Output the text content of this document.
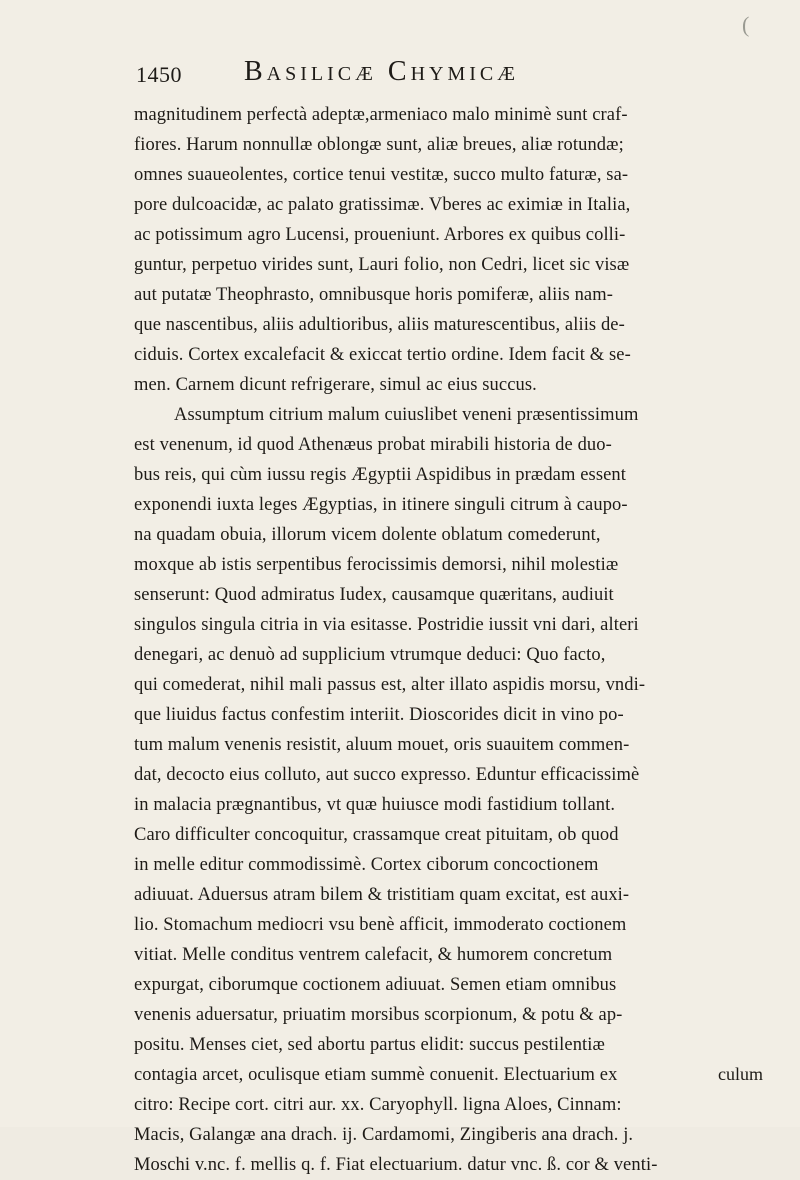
(
1450 Basilicæ Chymicæ
magnitudinem perfectà adeptæ,armeniaco malo minimè sunt craf-
fiores. Harum nonnullæ oblongæ sunt, aliæ breues, aliæ rotundæ;
omnes suaueolentes, cortice tenui vestitæ, succo multo faturæ, sa-
pore dulcoacidæ, ac palato gratissimæ. Vberes ac eximiæ in Italia,
ac potissimum agro Lucensi, proueniunt. Arbores ex quibus colli-
guntur, perpetuo virides sunt, Lauri folio, non Cedri, licet sic visæ
aut putatæ Theophrasto, omnibusque horis pomiferæ, aliis nam-
que nascentibus, aliis adultioribus, aliis maturescentibus, aliis de-
ciduis. Cortex excalefacit & exiccat tertio ordine. Idem facit & se-
men. Carnem dicunt refrigerare, simul ac eius succus.
Assumptum citrium malum cuiuslibet veneni præsentissimum
est venenum, id quod Athenæus probat mirabili historia de duo-
bus reis, qui cùm iussu regis Ægyptii Aspidibus in prædam essent
exponendi iuxta leges Ægyptias, in itinere singuli citrum à caupo-
na quadam obuia, illorum vicem dolente oblatum comederunt,
moxque ab istis serpentibus ferocissimis demorsi, nihil molestiæ
senserunt: Quod admiratus Iudex, causamque quæritans, audiuit
singulos singula citria in via esitasse. Postridie iussit vni dari, alteri
denegari, ac denuò ad supplicium vtrumque deduci: Quo facto,
qui comederat, nihil mali passus est, alter illato aspidis morsu, vndi-
que liuidus factus confestim interiit. Dioscorides dicit in vino po-
tum malum venenis resistit, aluum mouet, oris suauitem commen-
dat, decocto eius colluto, aut succo expresso. Eduntur efficacissimè
in malacia prægnantibus, vt quæ huiusce modi fastidium tollant.
Caro difficulter concoquitur, crassamque creat pituitam, ob quod
in melle editur commodissimè. Cortex ciborum concoctionem
adiuuat. Aduersus atram bilem & tristitiam quam excitat, est auxi-
lio. Stomachum mediocri vsu benè afficit, immoderato coctionem
vitiat. Melle conditus ventrem calefacit, & humorem concretum
expurgat, ciborumque coctionem adiuuat. Semen etiam omnibus
venenis aduersatur, priuatim morsibus scorpionum, & potu & ap-
positu. Menses ciet, sed abortu partus elidit: succus pestilentiæ
contagia arcet, oculisque etiam summè conuenit. Electuarium ex
citro: Recipe cort. citri aur. xx. Caryophyll. ligna Aloes, Cinnam:
Macis, Galangæ ana drach. ij. Cardamomi, Zingiberis ana drach. j.
Moschi v.nc. f. mellis q. f. Fiat electuarium. datur vnc. ß. cor & venti-
culum
